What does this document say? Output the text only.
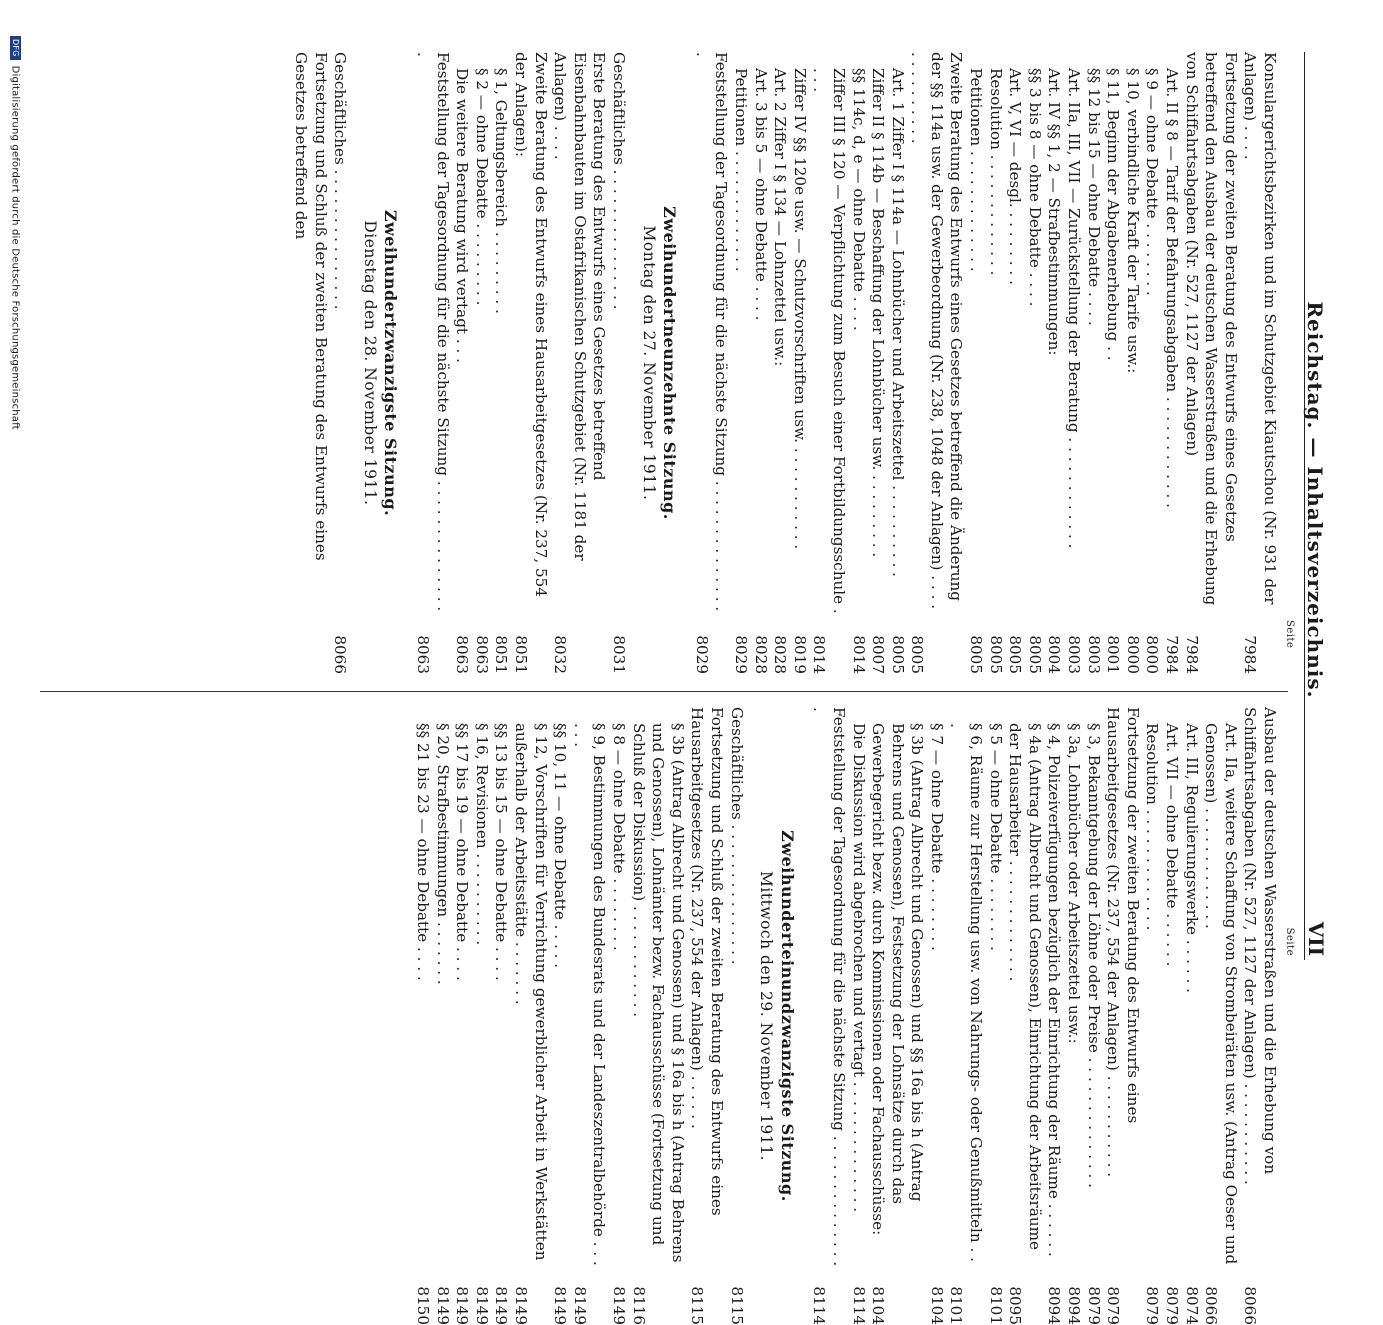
Reichstag. — Inhaltsverzeichnis.
VII
Seite
Seite
Konsulargerichtsbezirken und im Schutzgebiet Kiautschou (Nr. 931 der Anlagen) . . . .
7984
Fortsetzung der zweiten Beratung des Entwurfs eines Gesetzes betreffend den Ausbau der deutschen Wasserstraßen und die Erhebung von Schiffahrtsabgaben (Nr. 527, 1127 der Anlagen)
7984
Art. II § 8 — Tarif der Befahrungsabgaben . . . . . . . . . . . .
7984
§ 9 — ohne Debatte . . . . . . . .
8000
§ 10, verbindliche Kraft der Tarife usw.:
8000
§ 11, Beginn der Abgabenerhebung . .
8001
§§ 12 bis 15 — ohne Debatte . . . .
8003
Art. IIa, III, VII — Zurückstellung der Beratung . . . . . . . . . . . .
8003
Art. IV §§ 1, 2 — Strafbestimmungen:
8004
§§ 3 bis 8 — ohne Debatte . . . .
8005
Art. V, VI — desgl. . . . . . . . .
8005
Resolution . . . . . . . . . . . . .
8005
Petitionen . . . . . . . . . . . . .
8005
Zweite Beratung des Entwurfs eines Gesetzes betreffend die Änderung der §§ 114a usw. der Gewerbeordnung (Nr. 238, 1048 der Anlagen) . . . . . . . . . . . . . .
8005
Art. 1 Ziffer I § 114a — Lohnbücher und Arbeitszettel . . . . . . . . . .
8005
Ziffer II § 114b — Beschaffung der Lohnbücher usw. . . . . . . . . .
8007
§§ 114c, d, e — ohne Debatte . . . .
8014
Ziffer III § 120 — Verpflichtung zum Besuch einer Fortbildungsschule . . . .
8014
Ziffer IV §§ 120e usw. — Schutzvorschriften usw. . . . . . . . . . . .
8019
Art. 2 Ziffer I § 134 — Lohnzettel usw.:
8028
Art. 3 bis 5 — ohne Debatte . . . .
8028
Petitionen . . . . . . . . . . . . .
8029
Feststellung der Tagesordnung für die nächste Sitzung . . . . . . . . . . . . . . .
8029
Zweihundertneunzehnte Sitzung.
Montag den 27. November 1911.
Geschäftliches . . . . . . . . . . . . . . .
8031
Erste Beratung des Entwurfs eines Gesetzes betreffend Eisenbahnbauten im Ostafrikanischen Schutzgebiet (Nr. 1181 der Anlagen) . . . .
8032
Zweite Beratung des Entwurfs eines Hausarbeitgesetzes (Nr. 237, 554 der Anlagen):
8051
§ 1, Geltungsbereich . . . . . . . . .
8051
§ 2 — ohne Debatte . . . . . . . . .
8063
Die weitere Beratung wird vertagt . . .
8063
Feststellung der Tagesordnung für die nächste Sitzung . . . . . . . . . . . . . . .
8063
Zweihundertzwanzigste Sitzung.
Dienstag den 28. November 1911.
Geschäftliches . . . . . . . . . . . . . . .
8066
Fortsetzung und Schluß der zweiten Beratung des Entwurfs eines Gesetzes betreffend den
Ausbau der deutschen Wasserstraßen und die Erhebung von Schiffahrtsabgaben (Nr. 527, 1127 der Anlagen) . . . . . . . . . . .
8066
Art. IIa, weitere Schaffung von Strombeiräten usw. (Antrag Oeser und Genossen) . . . . . . . . . . . . .
8066
Art. III, Regulierungswerke . . . . . .
8074
Art. VII — ohne Debatte . . . . . .
8079
Resolution . . . . . . . . . . . . .
8079
Fortsetzung der zweiten Beratung des Entwurfs eines Hausarbeitgesetzes (Nr. 237, 554 der Anlagen) . . . . . . . . . . .
8079
§ 3, Bekanntgebung der Löhne oder Preise . . . . . . . . . . . . . .
8079
§ 3a, Lohnbücher oder Arbeitszettel usw.:
8094
§ 4, Polizeiverfügungen bezüglich der Einrichtung der Räume . . . . . .
8094
§ 4a (Antrag Albrecht und Genossen), Einrichtung der Arbeitsräume der Hausarbeiter . . . . . . . . . . . . .
8095
§ 5 — ohne Debatte . . . . . . . .
8101
§ 6, Räume zur Herstellung usw. von Nahrungs- oder Genußmitteln . . .
8101
§ 7 — ohne Debatte . . . . . . . .
8104
§ 3b (Antrag Albrecht und Genossen) und §§ 16a bis h (Antrag Behrens und Genossen), Festsetzung der Lohnsätze durch das Gewerbegericht bezw. durch Kommissionen oder Fachausschüsse:
8104
Die Diskussion wird abgebrochen und vertagt . . . . . . . . . . . . . .
8114
Feststellung der Tagesordnung für die nächste Sitzung . . . . . . . . . . . . . . .
8114
Zweihunderteinundzwanzigste Sitzung.
Mittwoch den 29. November 1911.
Geschäftliches . . . . . . . . . . . . . . .
8115
Fortsetzung und Schluß der zweiten Beratung des Entwurfs eines Hausarbeitgesetzes (Nr. 237, 554 der Anlagen) . . . . . .
8115
§ 3b (Antrag Albrecht und Genossen) und § 16a bis h (Antrag Behrens und Genossen), Lohnämter bezw. Fachausschüsse (Fortsetzung und Schluß der Diskussion) . . . . . . . . . . . .
8116
§ 8 — ohne Debatte . . . . . . . .
8149
§ 9, Bestimmungen des Bundesrats und der Landeszentralbehörde . . . . . .
8149
§§ 10, 11 — ohne Debatte . . . . .
8149
§ 12, Vorschriften für Verrichtung gewerblicher Arbeit in Werkstätten außerhalb der Arbeitsstätte . . . . . . .
8149
§§ 13 bis 15 — ohne Debatte . . . .
8149
§ 16, Revisionen . . . . . . . . . .
8149
§§ 17 bis 19 — ohne Debatte . . . .
8149
§ 20, Strafbestimmungen . . . . . . .
8149
§§ 21 bis 23 — ohne Debatte . . . .
8150
DFGDigitalisierung gefördert durch die Deutsche Forschungsgemeinschaft
